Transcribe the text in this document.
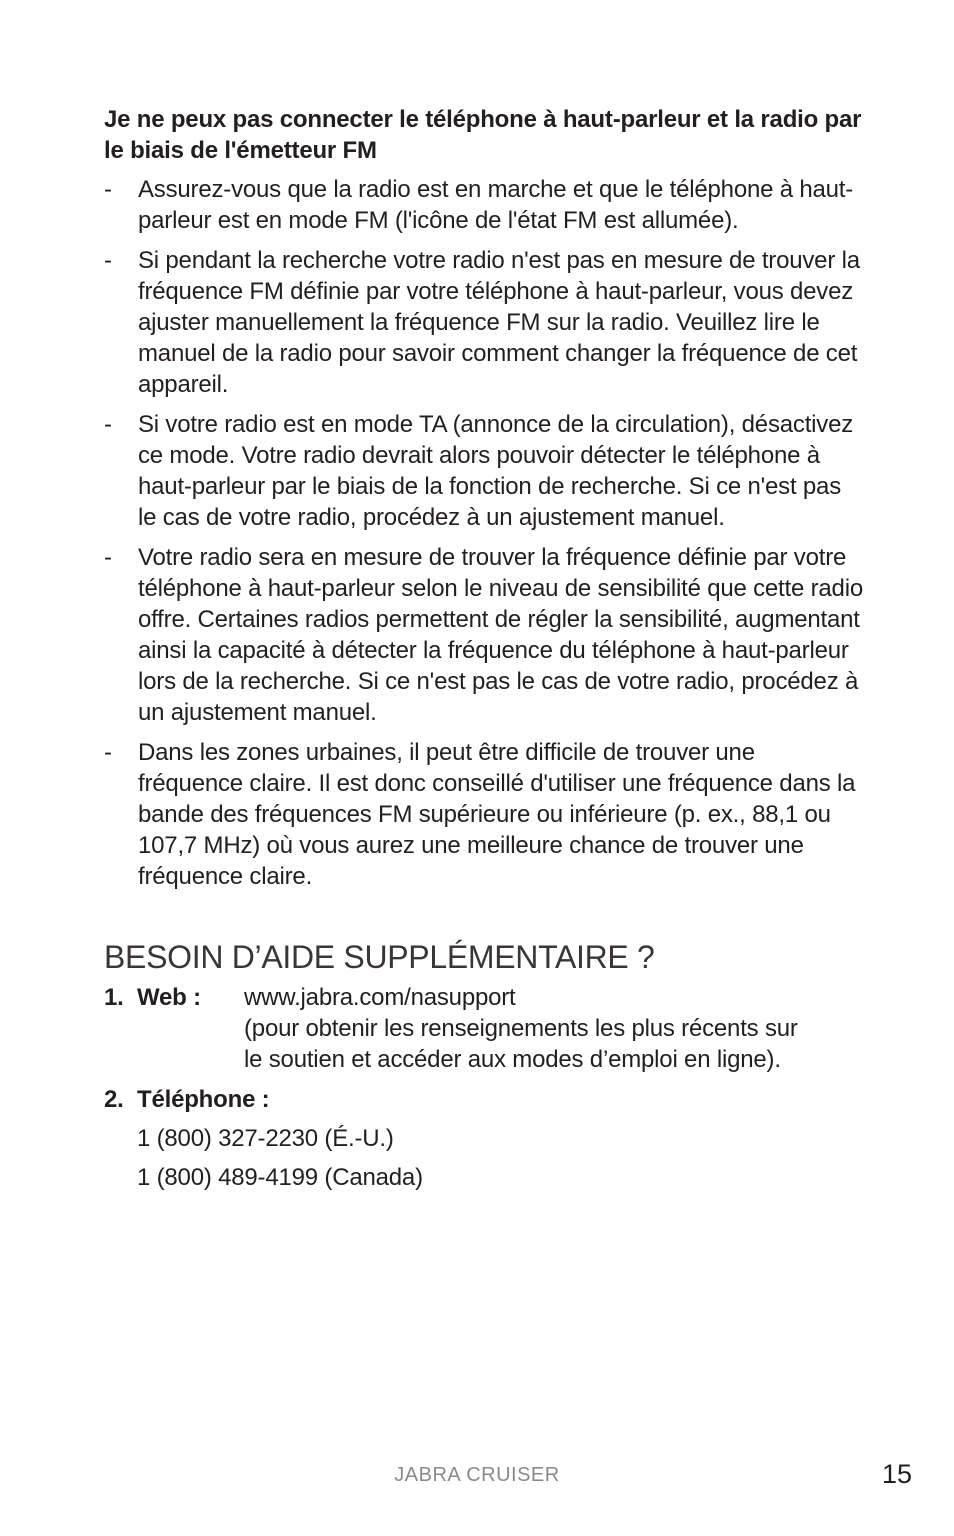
Je ne peux pas connecter le téléphone à haut-parleur et la radio par le biais de l'émetteur FM
-	Assurez-vous que la radio est en marche et que le téléphone à haut-parleur est en mode FM (l'icône de l'état FM est allumée).
-	Si pendant la recherche votre radio n'est pas en mesure de trouver la fréquence FM définie par votre téléphone à haut-parleur, vous devez ajuster manuellement la fréquence FM sur la radio. Veuillez lire le manuel de la radio pour savoir comment changer la fréquence de cet appareil.
-	Si votre radio est en mode TA (annonce de la circulation), désactivez ce mode. Votre radio devrait alors pouvoir détecter le téléphone à haut-parleur par le biais de la fonction de recherche. Si ce n'est pas le cas de votre radio, procédez à un ajustement manuel.
-	Votre radio sera en mesure de trouver la fréquence définie par votre téléphone à haut-parleur selon le niveau de sensibilité que cette radio offre. Certaines radios permettent de régler la sensibilité, augmentant ainsi la capacité à détecter la fréquence du téléphone à haut-parleur lors de la recherche. Si ce n'est pas le cas de votre radio, procédez à un ajustement manuel.
-	Dans les zones urbaines, il peut être difficile de trouver une fréquence claire. Il est donc conseillé d'utiliser une fréquence dans la bande des fréquences FM supérieure ou inférieure (p. ex., 88,1 ou 107,7 MHz) où vous aurez une meilleure chance de trouver une fréquence claire.
BESOIN D’AIDE SUPPLÉMENTAIRE ?
1. Web : www.jabra.com/nasupport
(pour obtenir les renseignements les plus récents sur
le soutien et accéder aux modes d’emploi en ligne).
2. Téléphone :
1 (800) 327-2230 (É.-U.)
1 (800) 489-4199 (Canada)
JABRA CRUISER	15
